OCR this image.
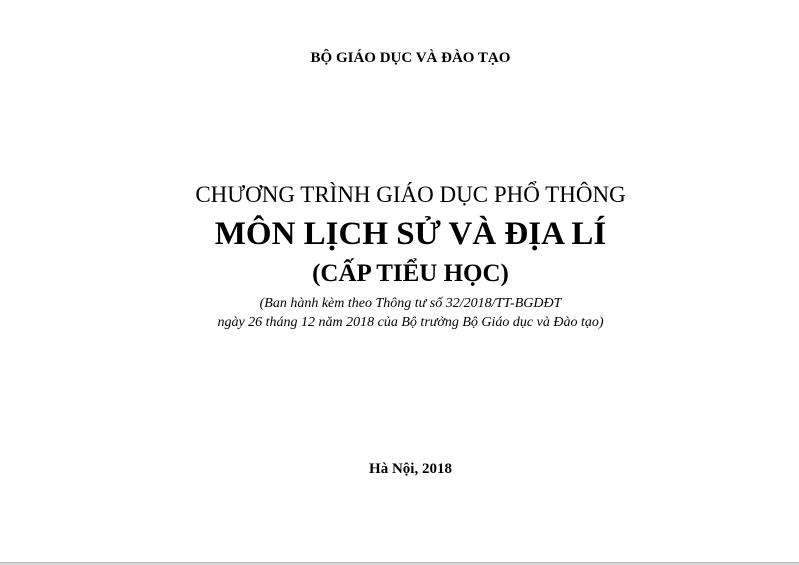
BỘ GIÁO DỤC VÀ ĐÀO TẠO
CHƯƠNG TRÌNH GIÁO DỤC PHỔ THÔNG
MÔN LỊCH SỬ VÀ ĐỊA LÍ
(CẤP TIỂU HỌC)
(Ban hành kèm theo Thông tư số 32/2018/TT-BGDĐT
ngày 26 tháng 12 năm 2018 của Bộ trưởng Bộ Giáo dục và Đào tạo)
Hà Nội, 2018
